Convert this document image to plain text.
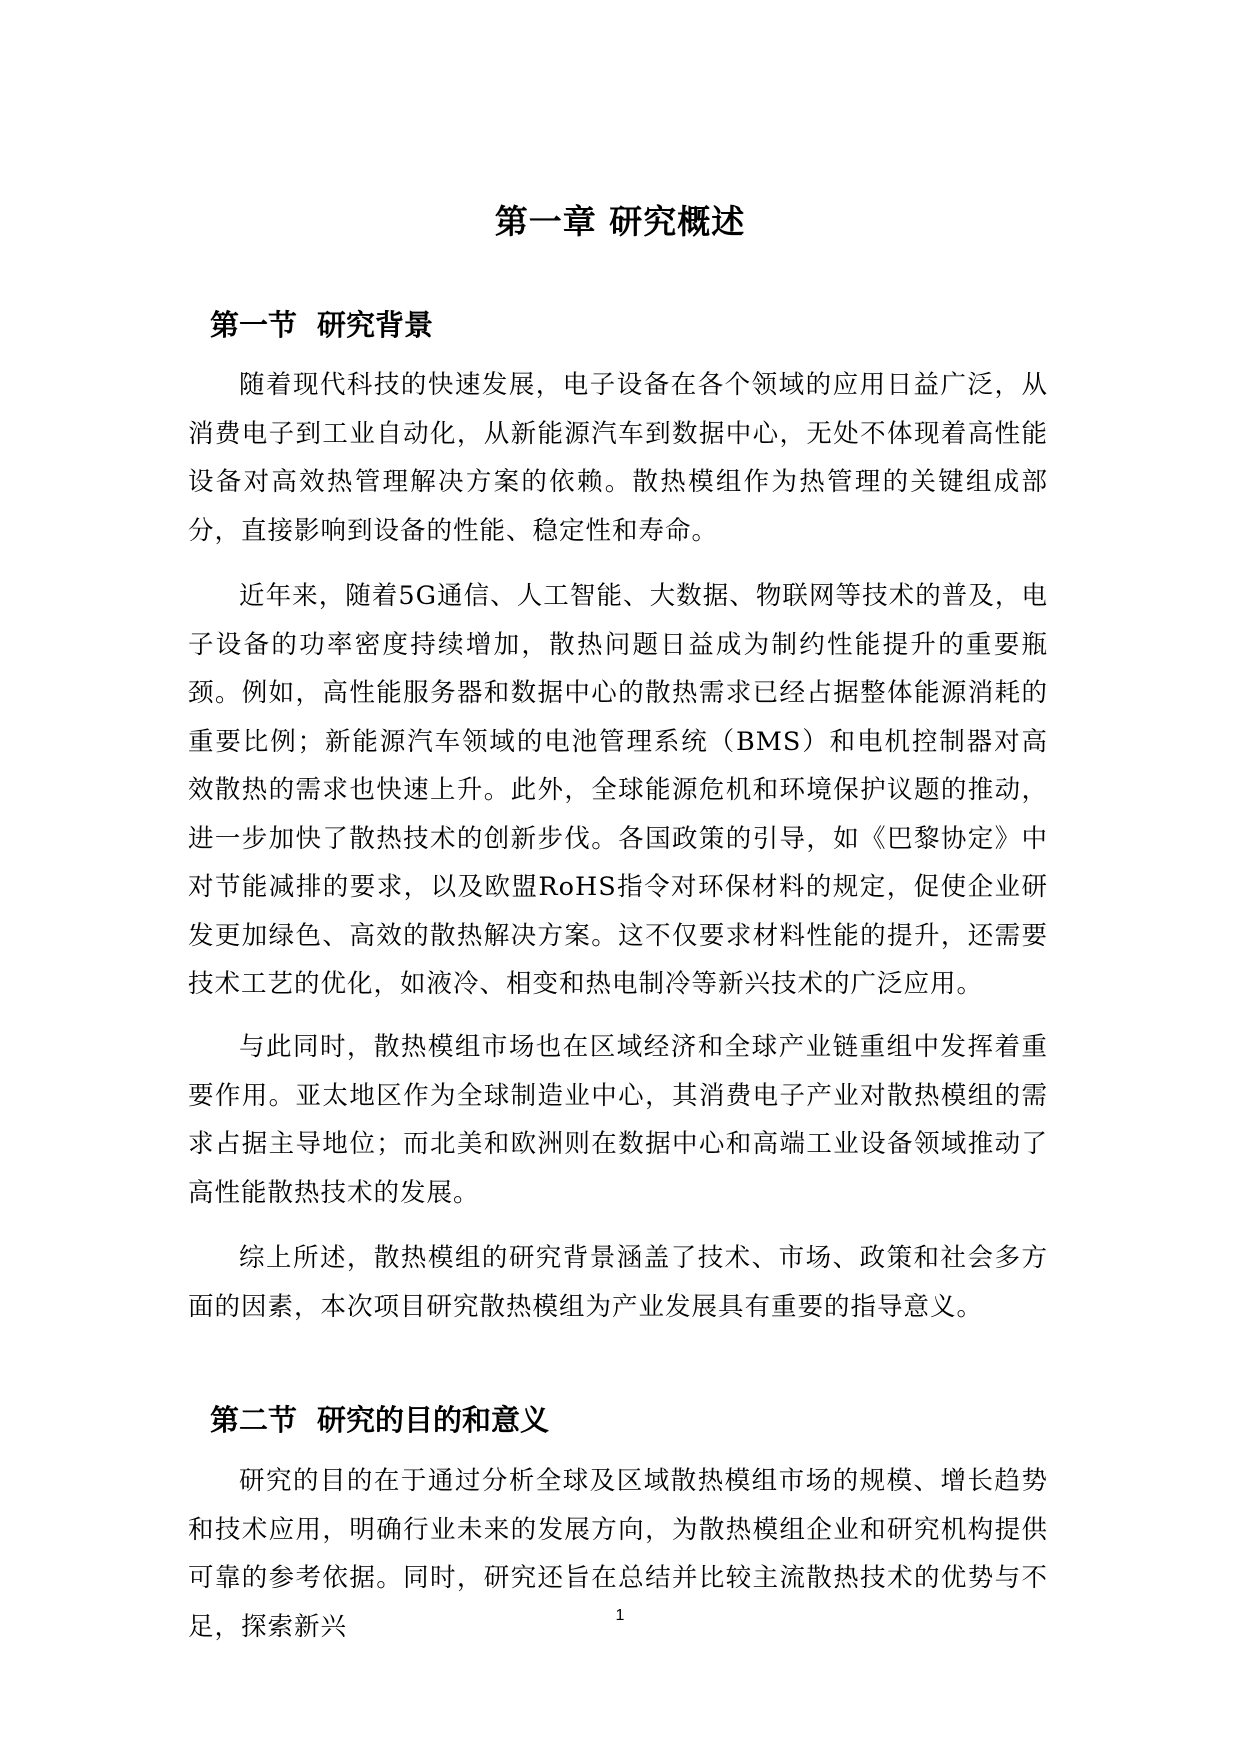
第一章 研究概述
第一节 研究背景

随着现代科技的快速发展，电子设备在各个领域的应用日益广泛，从消费电子到工业自动化，从新能源汽车到数据中心，无处不体现着高性能设备对高效热管理解决方案的依赖。散热模组作为热管理的关键组成部分，直接影响到设备的性能、稳定性和寿命。

近年来，随着5G通信、人工智能、大数据、物联网等技术的普及，电子设备的功率密度持续增加，散热问题日益成为制约性能提升的重要瓶颈。例如，高性能服务器和数据中心的散热需求已经占据整体能源消耗的重要比例；新能源汽车领域的电池管理系统（BMS）和电机控制器对高效散热的需求也快速上升。此外，全球能源危机和环境保护议题的推动，进一步加快了散热技术的创新步伐。各国政策的引导，如《巴黎协定》中对节能减排的要求，以及欧盟RoHS指令对环保材料的规定，促使企业研发更加绿色、高效的散热解决方案。这不仅要求材料性能的提升，还需要技术工艺的优化，如液冷、相变和热电制冷等新兴技术的广泛应用。

与此同时，散热模组市场也在区域经济和全球产业链重组中发挥着重要作用。亚太地区作为全球制造业中心，其消费电子产业对散热模组的需求占据主导地位；而北美和欧洲则在数据中心和高端工业设备领域推动了高性能散热技术的发展。

综上所述，散热模组的研究背景涵盖了技术、市场、政策和社会多方面的因素，本次项目研究散热模组为产业发展具有重要的指导意义。

第二节 研究的目的和意义

研究的目的在于通过分析全球及区域散热模组市场的规模、增长趋势和技术应用，明确行业未来的发展方向，为散热模组企业和研究机构提供可靠的参考依据。同时，研究还旨在总结并比较主流散热技术的优势与不足，探索新兴	1
